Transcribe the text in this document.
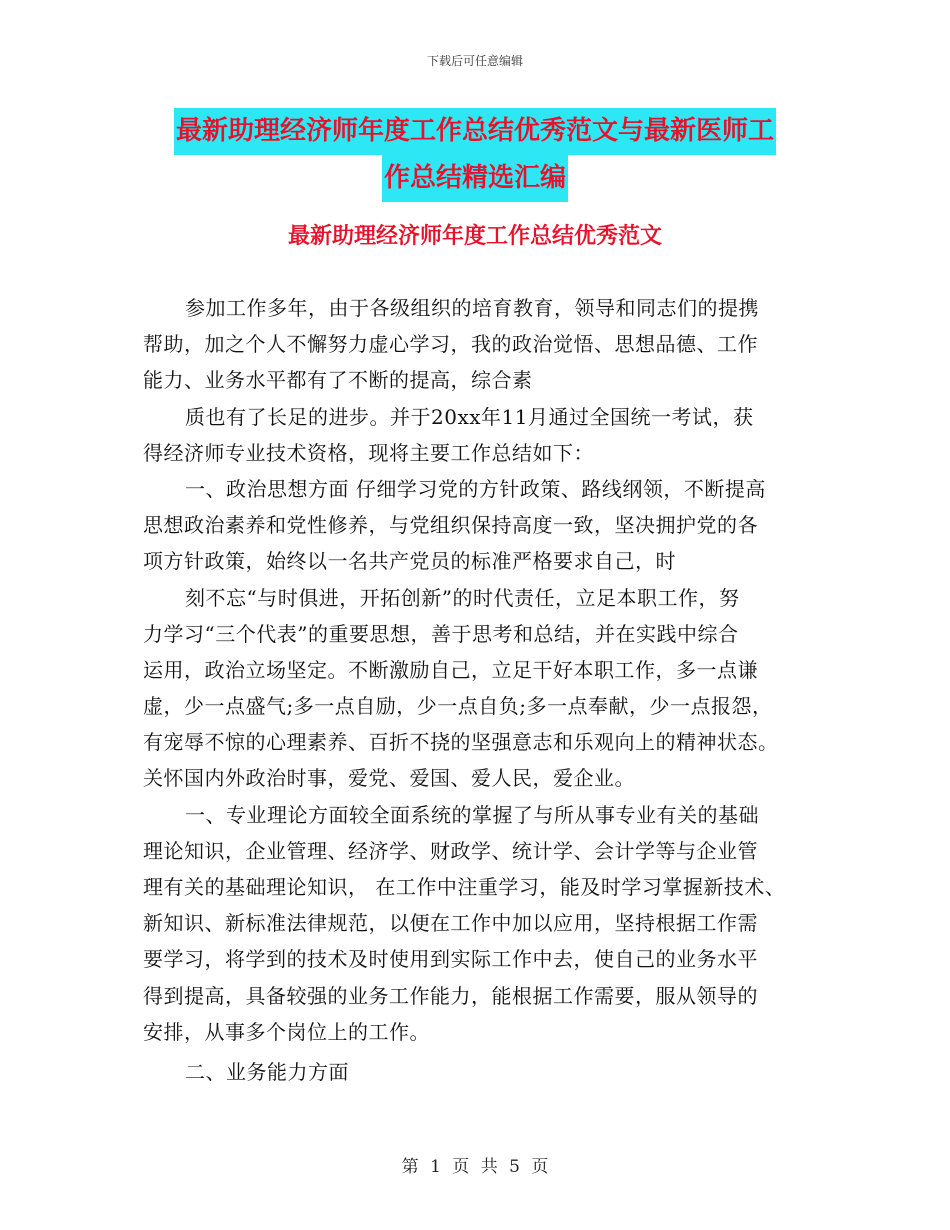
下载后可任意编辑
最新助理经济师年度工作总结优秀范文与最新医师工
作总结精选汇编
最新助理经济师年度工作总结优秀范文
参加工作多年，由于各级组织的培育教育，领导和同志们的提携
帮助，加之个人不懈努力虚心学习，我的政治觉悟、思想品德、工作
能力、业务水平都有了不断的提高，综合素
质也有了长足的进步。并于20xx年11月通过全国统一考试，获
得经济师专业技术资格，现将主要工作总结如下：
一、政治思想方面 仔细学习党的方针政策、路线纲领，不断提高
思想政治素养和党性修养，与党组织保持高度一致，坚决拥护党的各
项方针政策，始终以一名共产党员的标准严格要求自己，时
刻不忘“与时俱进，开拓创新”的时代责任，立足本职工作，努
力学习“三个代表”的重要思想，善于思考和总结，并在实践中综合
运用，政治立场坚定。不断激励自己，立足干好本职工作，多一点谦
虚，少一点盛气;多一点自励，少一点自负;多一点奉献，少一点报怨，
有宠辱不惊的心理素养、百折不挠的坚强意志和乐观向上的精神状态。
关怀国内外政治时事，爱党、爱国、爱人民，爱企业。
一、专业理论方面较全面系统的掌握了与所从事专业有关的基础
理论知识，企业管理、经济学、财政学、统计学、会计学等与企业管
理有关的基础理论知识， 在工作中注重学习，能及时学习掌握新技术、
新知识、新标准法律规范，以便在工作中加以应用，坚持根据工作需
要学习，将学到的技术及时使用到实际工作中去，使自己的业务水平
得到提高，具备较强的业务工作能力，能根据工作需要，服从领导的
安排，从事多个岗位上的工作。
二、业务能力方面
第 1 页 共 5 页
